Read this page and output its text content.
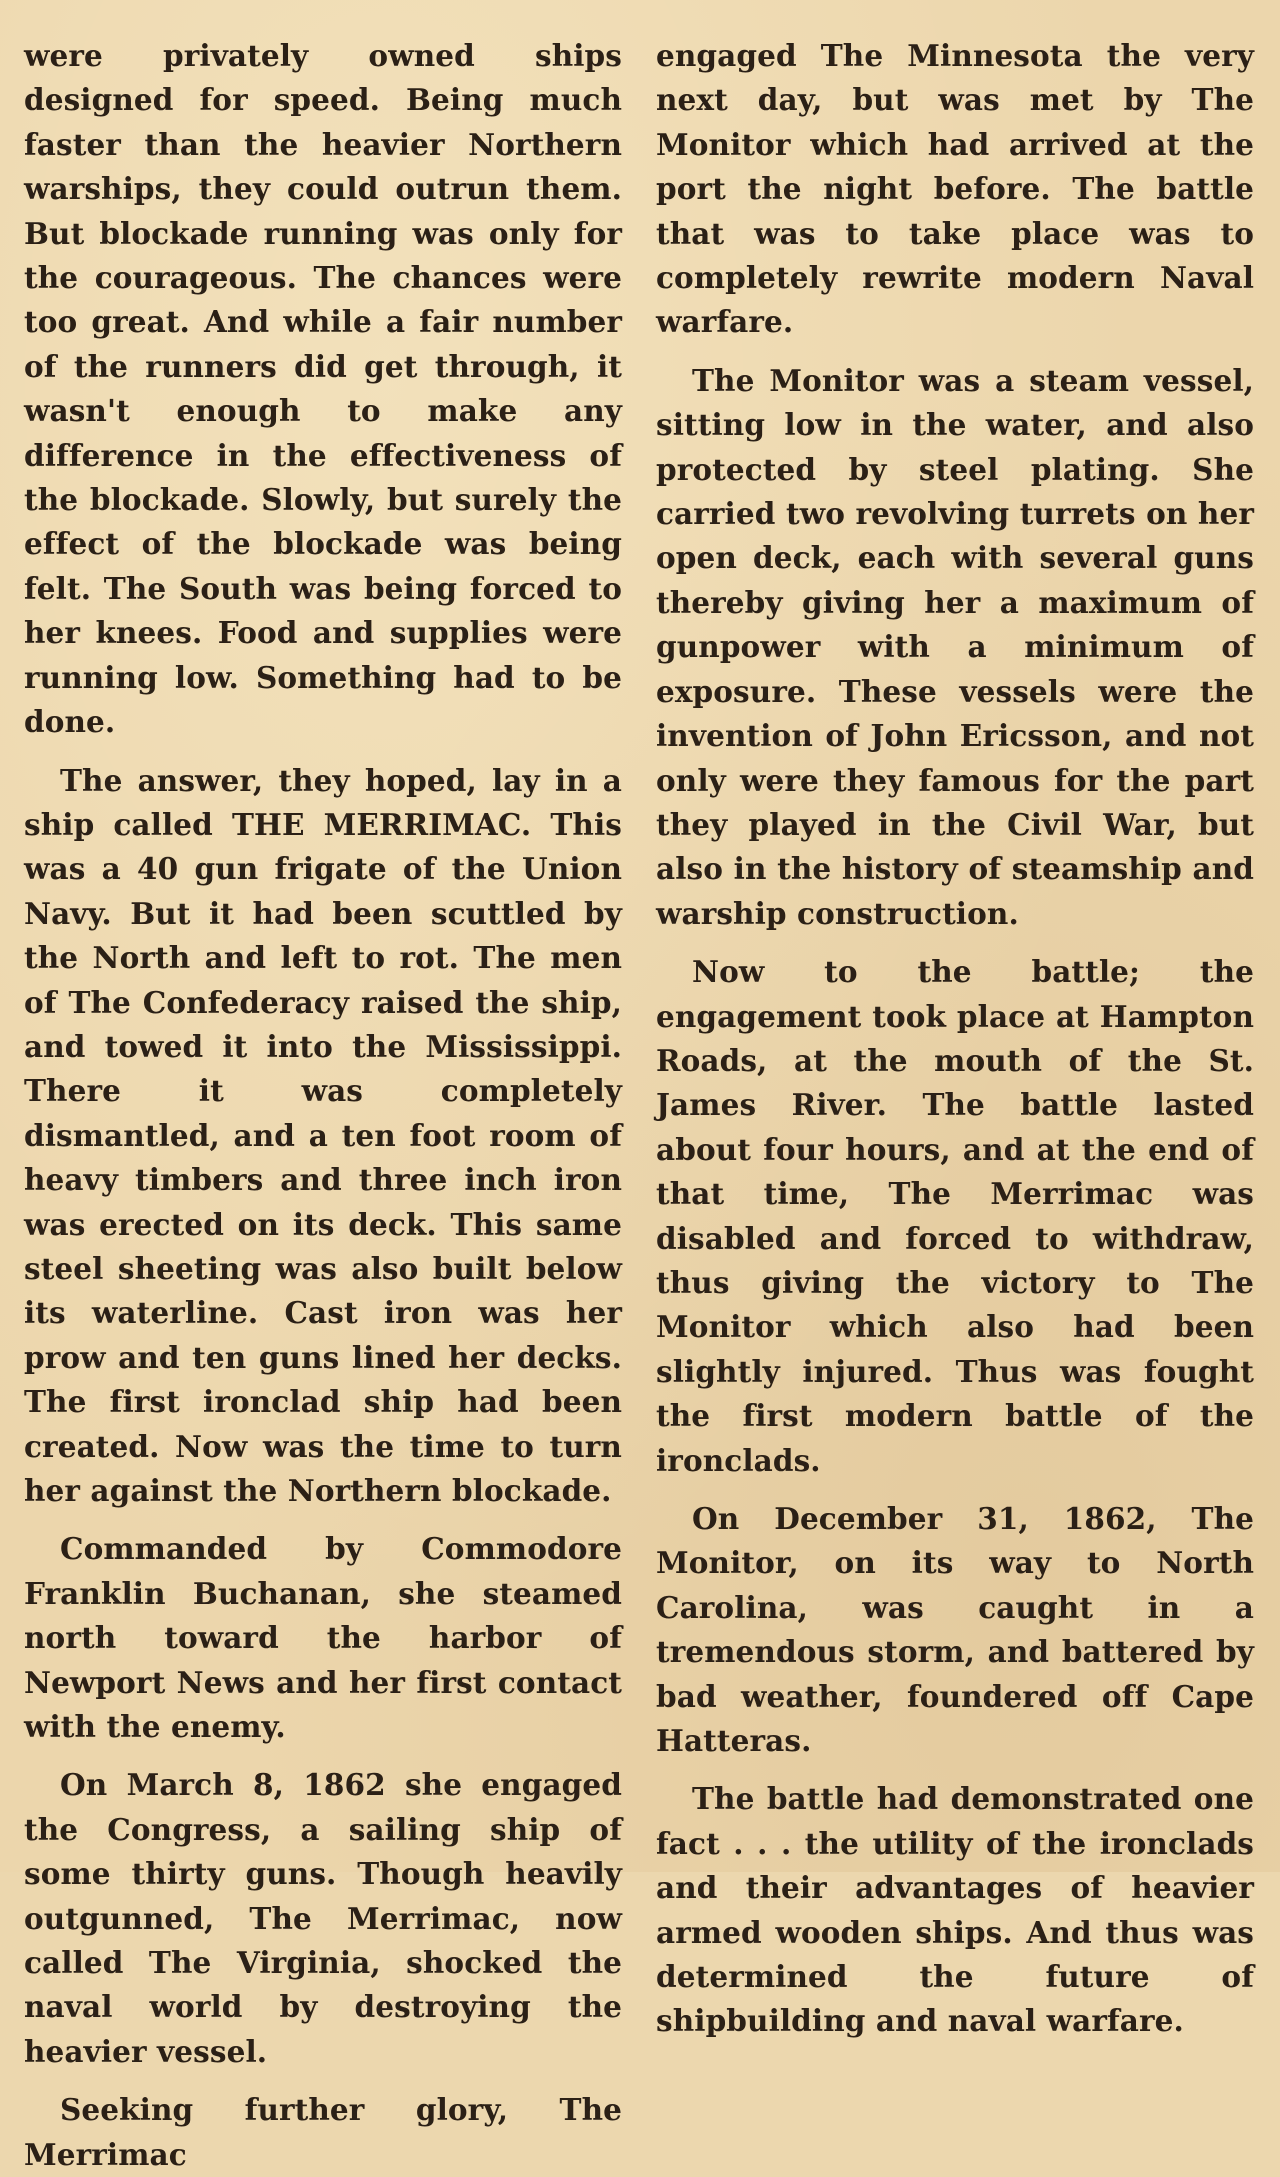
were privately owned ships designed for speed. Being much faster than the heavier Northern warships, they could outrun them. But blockade running was only for the courageous. The chances were too great. And while a fair number of the runners did get through, it wasn't enough to make any difference in the effectiveness of the blockade. Slowly, but surely the effect of the blockade was being felt. The South was being forced to her knees. Food and supplies were running low. Something had to be done.

The answer, they hoped, lay in a ship called THE MERRIMAC. This was a 40 gun frigate of the Union Navy. But it had been scuttled by the North and left to rot. The men of The Confederacy raised the ship, and towed it into the Mississippi. There it was completely dismantled, and a ten foot room of heavy timbers and three inch iron was erected on its deck. This same steel sheeting was also built below its waterline. Cast iron was her prow and ten guns lined her decks. The first ironclad ship had been created. Now was the time to turn her against the Northern blockade.

Commanded by Commodore Franklin Buchanan, she steamed north toward the harbor of Newport News and her first contact with the enemy.

On March 8, 1862 she engaged the Congress, a sailing ship of some thirty guns. Though heavily outgunned, The Merrimac, now called The Virginia, shocked the naval world by destroying the heavier vessel.

Seeking further glory, The Merrimac

engaged The Minnesota the very next day, but was met by The Monitor which had arrived at the port the night before. The battle that was to take place was to completely rewrite modern Naval warfare.

The Monitor was a steam vessel, sitting low in the water, and also protected by steel plating. She carried two revolving turrets on her open deck, each with several guns thereby giving her a maximum of gunpower with a minimum of exposure. These vessels were the invention of John Ericsson, and not only were they famous for the part they played in the Civil War, but also in the history of steamship and warship construction.

Now to the battle; the engagement took place at Hampton Roads, at the mouth of the St. James River. The battle lasted about four hours, and at the end of that time, The Merrimac was disabled and forced to withdraw, thus giving the victory to The Monitor which also had been slightly injured. Thus was fought the first modern battle of the ironclads.

On December 31, 1862, The Monitor, on its way to North Carolina, was caught in a tremendous storm, and battered by bad weather, foundered off Cape Hatteras.

The battle had demonstrated one fact . . . the utility of the ironclads and their advantages of heavier armed wooden ships. And thus was determined the future of shipbuilding and naval warfare.
